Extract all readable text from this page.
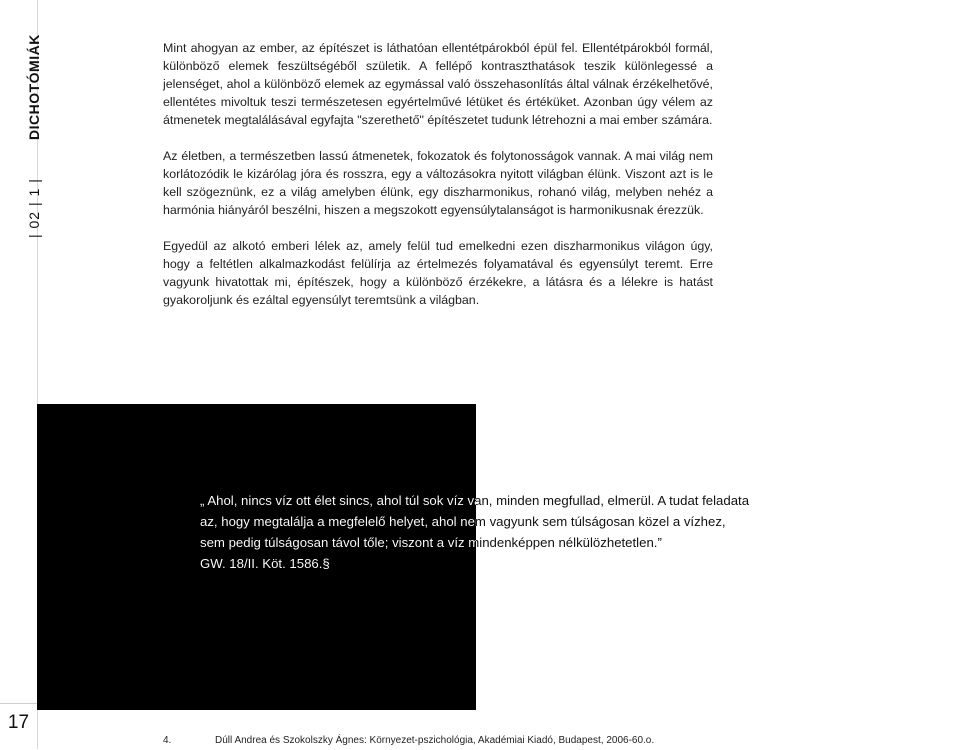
DICHOTÓMIÁK
| 02 | 1 |
17

Mint ahogyan az ember, az építészet is láthatóan ellentétpárokból épül fel. Ellentétpárokból formál, különböző elemek feszültségéből születik. A fellépő kontraszthatások teszik különlegessé a jelenséget, ahol a különböző elemek az egymással való összehasonlítás által válnak érzékelhetővé, ellentétes mivoltuk teszi természetesen egyértelművé létüket és értéküket. Azonban úgy vélem az átmenetek megtalálásával egyfajta "szerethető" építészetet tudunk létrehozni a mai ember számára.

Az életben, a természetben lassú átmenetek, fokozatok és folytonosságok vannak. A mai világ nem korlátozódik le kizárólag jóra és rosszra, egy a változásokra nyitott világban élünk. Viszont azt is le kell szögeznünk, ez a világ amelyben élünk, egy diszharmonikus, rohanó világ, melyben nehéz a harmónia hiányáról beszélni, hiszen a megszokott egyensúlytalanságot is harmonikusnak érezzük.

Egyedül az alkotó emberi lélek az, amely felül tud emelkedni ezen diszharmonikus világon úgy, hogy a feltétlen alkalmazkodást felülírja az értelmezés folyamatával és egyensúlyt teremt. Erre vagyunk hivatottak mi, építészek, hogy a különböző érzékekre, a látásra és a lélekre is hatást gyakoroljunk és ezáltal egyensúlyt teremtsünk a világban.

„ Ahol, nincs víz ott élet sincs, ahol túl sok víz van, minden megfullad, elmerül. A tudat feladata
az, hogy megtalálja a megfelelő helyet, ahol nem vagyunk sem túlságosan közel a vízhez,
sem pedig túlságosan távol tőle; viszont a víz mindenképpen nélkülözhetetlen.”
GW. 18/II. Köt. 1586.§
4.	Dúll Andrea és Szokolszky Ágnes: Környezet-pszichológia, Akadémiai Kiadó, Budapest, 2006-60.o.
